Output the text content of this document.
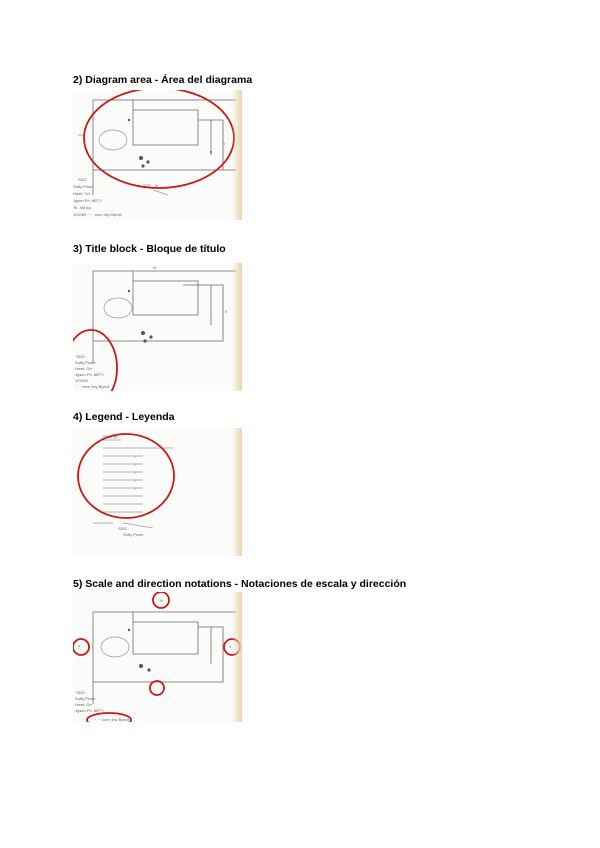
2) Diagram area - Área del diagrama
Sutty Poser
Hwef. Orr
Jgsen Pri. 8BTY
Te. 4bf dq
1/02/63 · · · cern 4ey Bprcif
SDG
N
ll
3) Title block - Bloque de título
SDG
Sutty Poser
Hwef. Orr
Jgsen Pri. 8BTY
1/02/63
· · · cern 4ey Bprcif
N
ll
4) Legend - Leyenda
Sbss 4y
SDG
Sutty Poser
5) Scale and direction notations - Notaciones de escala y dirección
SDG
Sutty Poser
Hwef. Orr
Jgsen Pri. 8BTY
· · · cern 4ey Bprcif
N
s	ll
